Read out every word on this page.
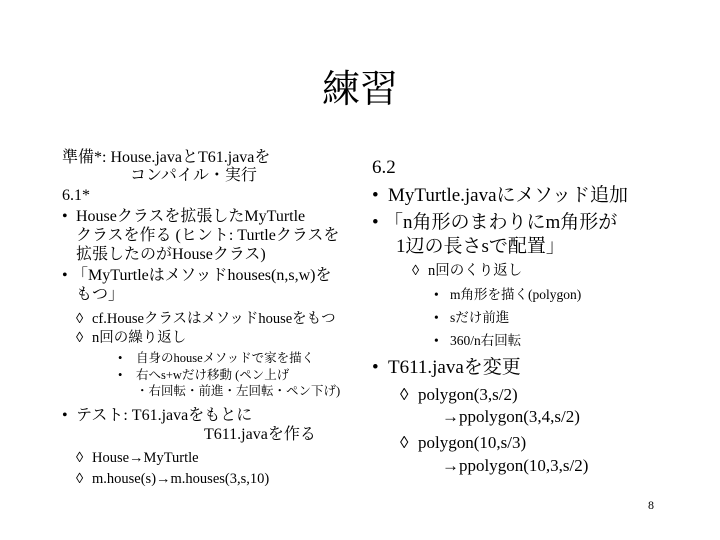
練習
準備*: House.javaとT61.javaを
コンパイル・実行
6.1*
• Houseクラスを拡張したMyTurtle
クラスを作る (ヒント: Turtleクラスを
拡張したのがHouseクラス)
• 「MyTurtleはメソッドhouses(n,s,w)を
もつ」
◊ cf.Houseクラスはメソッドhouseをもつ
◊ n回の繰り返し
• 自身のhouseメソッドで家を描く
• 右へs+wだけ移動 (ペン上げ
・右回転・前進・左回転・ペン下げ)
• テスト: T61.javaをもとに
T611.javaを作る
◊ House→MyTurtle
◊ m.house(s)→m.houses(3,s,10)
6.2
• MyTurtle.javaにメソッド追加
• 「n角形のまわりにm角形が
1辺の長さsで配置」
◊ n回のくり返し
• m角形を描く(polygon)
• sだけ前進
• 360/n右回転
• T611.javaを変更
◊ polygon(3,s/2)
→ppolygon(3,4,s/2)
◊ polygon(10,s/3)
→ppolygon(10,3,s/2)
8
